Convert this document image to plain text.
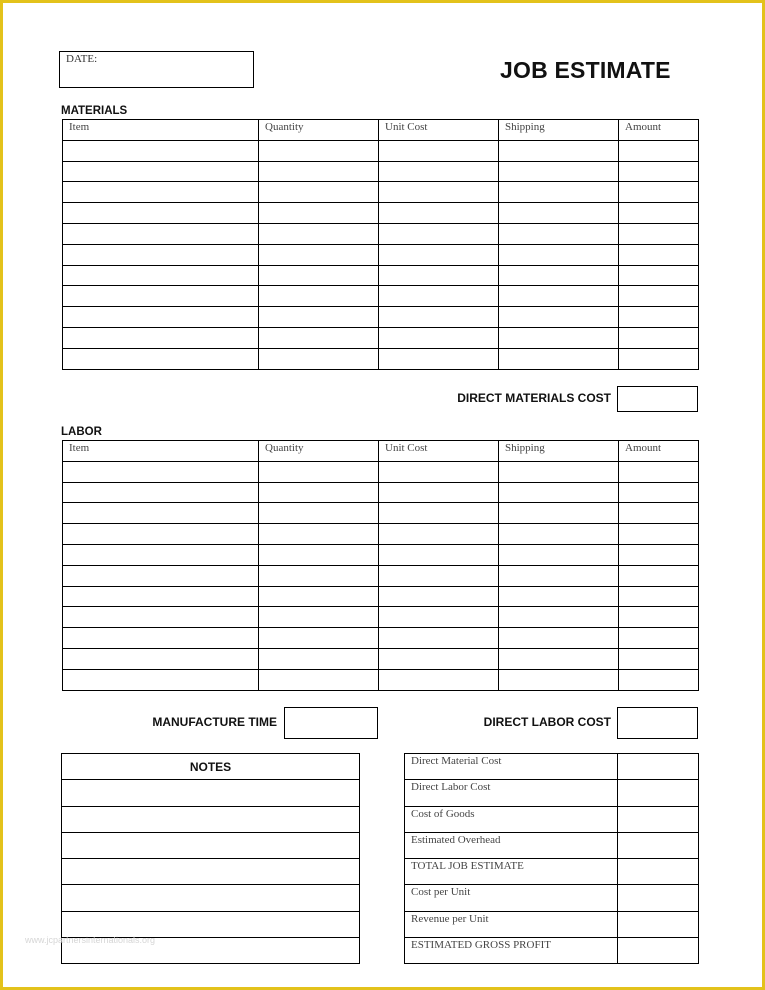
DATE:	JOB ESTIMATE
MATERIALS
Item	Quantity	Unit Cost	Shipping	Amount

DIRECT MATERIALS COST
LABOR
Item	Quantity	Unit Cost	Shipping	Amount

MANUFACTURE TIME	DIRECT LABOR COST
NOTES	Direct Material Cost	
Direct Labor Cost	
Cost of Goods	
Estimated Overhead	
TOTAL JOB ESTIMATE	
Cost per Unit	
Revenue per Unit	
ESTIMATED GROSS PROFIT	
www.jcpartnersinternationals.org
